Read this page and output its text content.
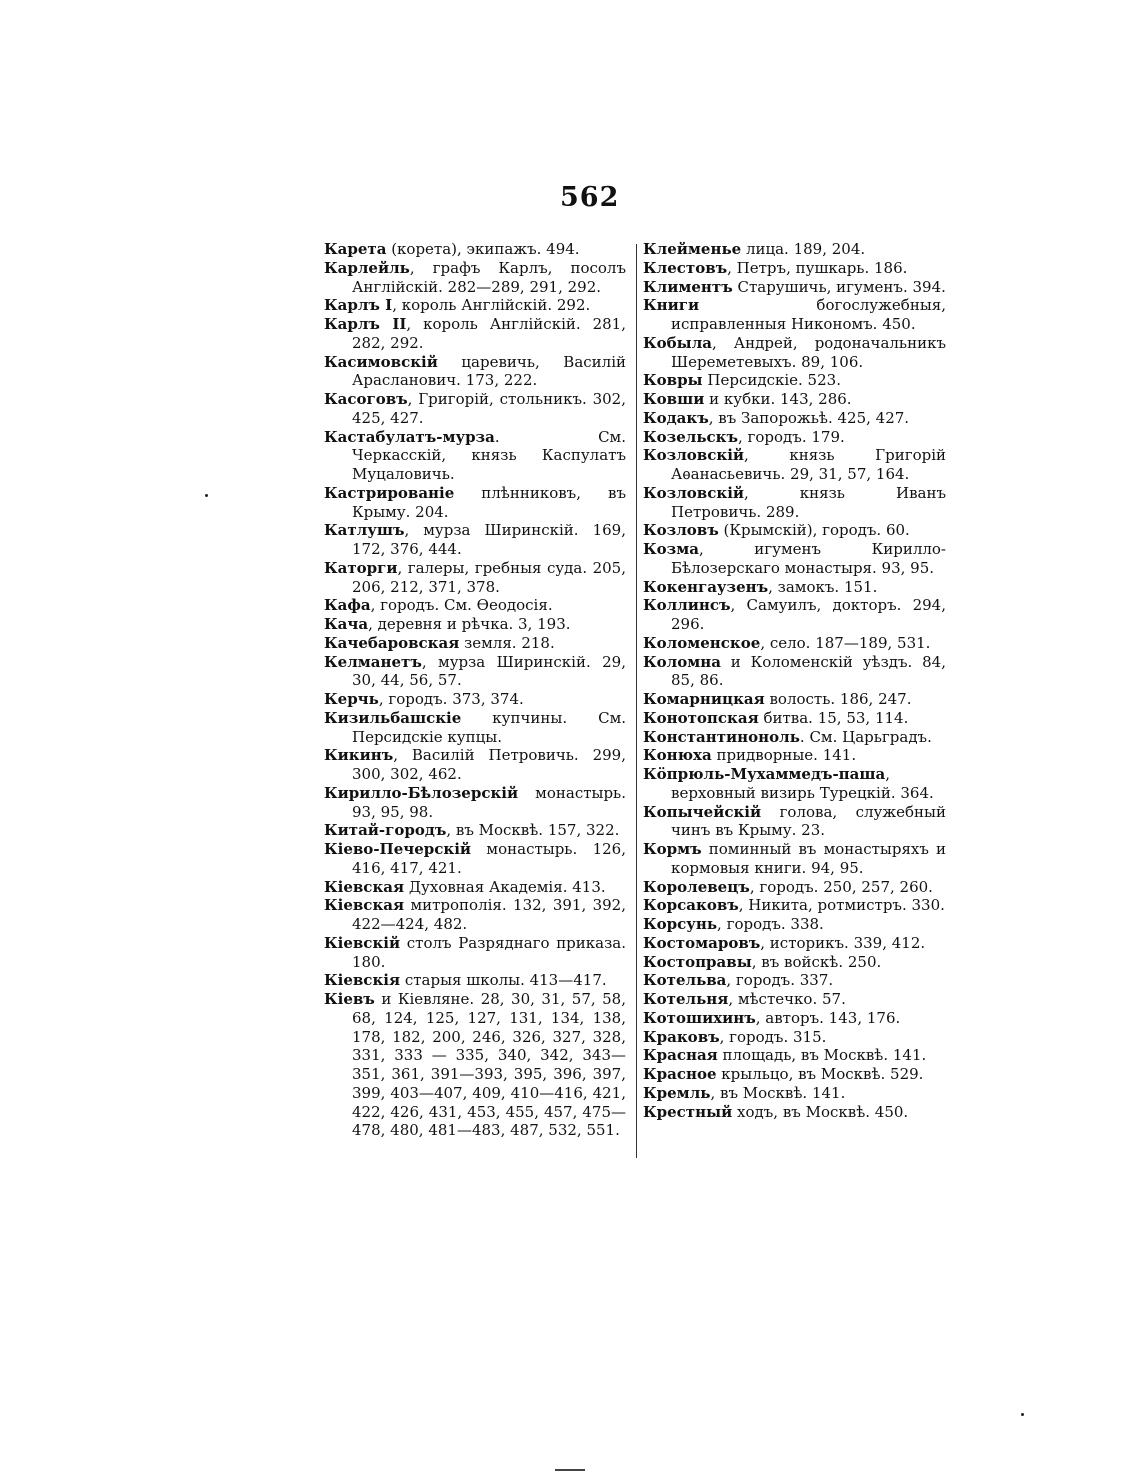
562

Карета (корета), экипажъ. 494.

Карлейль, графъ Карлъ, посолъ Англійскій. 282—289, 291, 292.

Карлъ I, король Англійскій. 292.

Карлъ II, король Англійскій. 281, 282, 292.

Касимовскій царевичь, Василій Арасланович. 173, 222.

Касоговъ, Григорій, стольникъ. 302, 425, 427.

Кастабулатъ-мурза. См. Черкасскій, князь Каспулатъ Муцаловичь.

Кастрированіе плѣнниковъ, въ Крыму. 204.

Катлушъ, мурза Ширинскій. 169, 172, 376, 444.

Каторги, галеры, гребныя суда. 205, 206, 212, 371, 378.

Кафа, городъ. См. Ѳеодосія.

Кача, деревня и рѣчка. 3, 193.

Качебаровская земля. 218.

Келманетъ, мурза Ширинскій. 29, 30, 44, 56, 57.

Керчь, городъ. 373, 374.

Кизильбашскіе купчины. См. Персидскіе купцы.

Кикинъ, Василій Петровичь. 299, 300, 302, 462.

Кирилло-Бѣлозерскій монастырь. 93, 95, 98.

Китай-городъ, въ Москвѣ. 157, 322.

Кіево-Печерскій монастырь. 126, 416, 417, 421.

Кіевская Духовная Академія. 413.

Кіевская митрополія. 132, 391, 392, 422—424, 482.

Кіевскій столъ Разряднаго приказа. 180.

Кіевскія старыя школы. 413—417.

Кіевъ и Кіевляне. 28, 30, 31, 57, 58, 68, 124, 125, 127, 131, 134, 138, 178, 182, 200, 246, 326, 327, 328, 331, 333 — 335, 340, 342, 343—351, 361, 391—393, 395, 396, 397, 399, 403—407, 409, 410—416, 421, 422, 426, 431, 453, 455, 457, 475—478, 480, 481—483, 487, 532, 551.

Клейменье лица. 189, 204.

Клестовъ, Петръ, пушкарь. 186.

Климентъ Старушичь, игуменъ. 394.

Книги богослужебныя, исправленныя Никономъ. 450.

Кобыла, Андрей, родоначальникъ Шереметевыхъ. 89, 106.

Ковры Персидскіе. 523.

Ковши и кубки. 143, 286.

Кодакъ, въ Запорожьѣ. 425, 427.

Козельскъ, городъ. 179.

Козловскій, князь Григорій Аѳанасьевичь. 29, 31, 57, 164.

Козловскій, князь Иванъ Петровичь. 289.

Козловъ (Крымскій), городъ. 60.

Козма, игуменъ Кирилло-Бѣлозерскаго монастыря. 93, 95.

Кокенгаузенъ, замокъ. 151.

Коллинсъ, Самуилъ, докторъ. 294, 296.

Коломенское, село. 187—189, 531.

Коломна и Коломенскій уѣздъ. 84, 85, 86.

Комарницкая волость. 186, 247.

Конотопская битва. 15, 53, 114.

Константиноноль. См. Царьградъ.

Конюха придворные. 141.

Кöпрюль-Мухаммедъ-паша, верховный визирь Турецкій. 364.

Копычейскій голова, служебный чинъ въ Крыму. 23.

Кормъ поминный въ монастыряхъ и кормовыя книги. 94, 95.

Королевецъ, городъ. 250, 257, 260.

Корсаковъ, Никита, ротмистръ. 330.

Корсунь, городъ. 338.

Костомаровъ, историкъ. 339, 412.

Костоправы, въ войскѣ. 250.

Котельва, городъ. 337.

Котельня, мѣстечко. 57.

Котошихинъ, авторъ. 143, 176.

Краковъ, городъ. 315.

Красная площадь, въ Москвѣ. 141.

Красное крыльцо, въ Москвѣ. 529.

Кремль, въ Москвѣ. 141.

Крестный ходъ, въ Москвѣ. 450.
